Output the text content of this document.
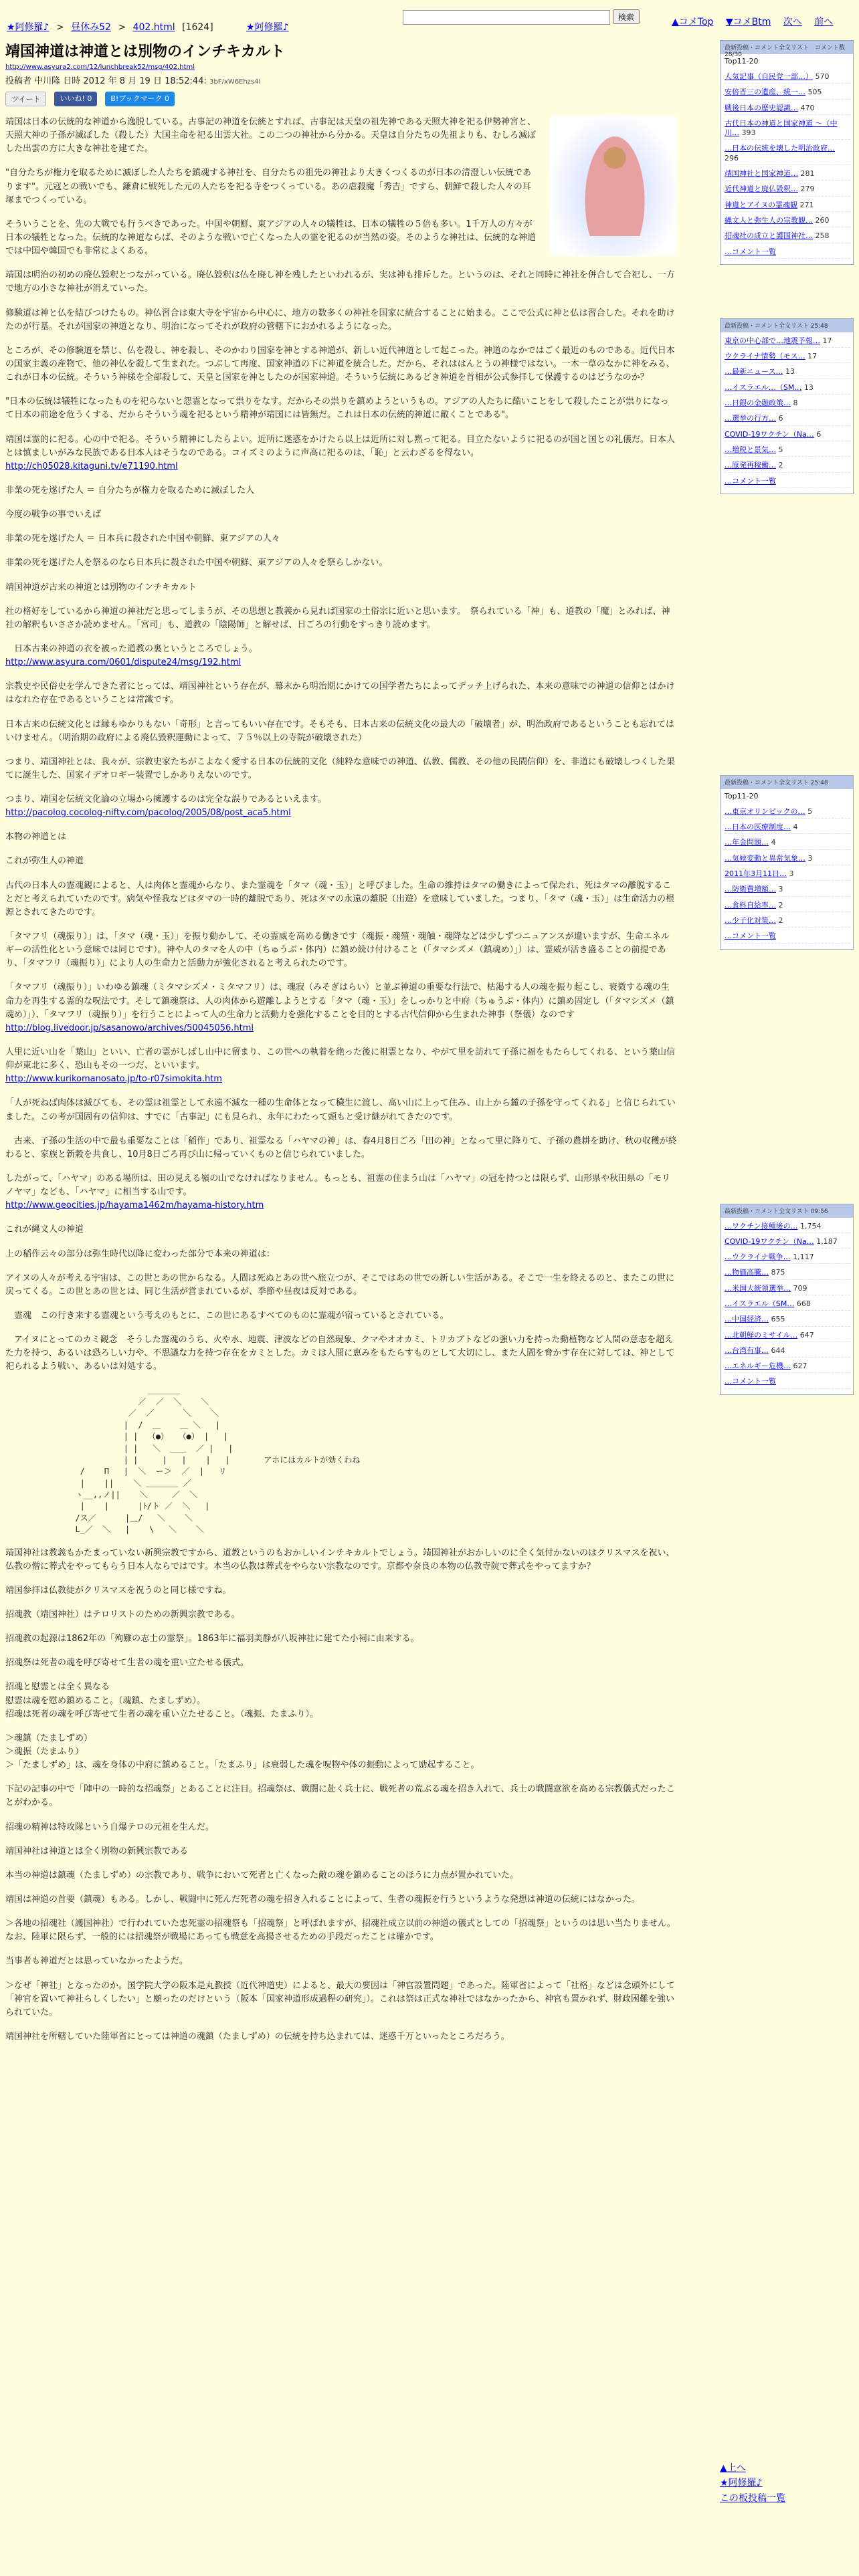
★阿修羅♪ > 昼休み52 > 402.html [1624]	★阿修羅♪
検索	▲コメTop ▼コメBtm 次へ 前へ
靖国神道は神道とは別物のインチキカルト
http://www.asyura2.com/12/lunchbreak52/msg/402.html
投稿者 中川隆 日時 2012 年 8 月 19 日 18:52:44: 3bF/xW6Ehzs4I
ツイート	いいね! 0	B!ブックマーク 0

靖国は日本の伝統的な神道から逸脱している。古事記の神道を伝統とすれば、古事記は天皇の祖先神である天照大神を祀る伊勢神宮と、天照大神の子孫が滅ぼした（殺した）大国主命を祀る出雲大社。この二つの神社から分かる。天皇は自分たちの先祖よりも、むしろ滅ぼした出雲の方に大きな神社を建てた。

"自分たちが権力を取るために滅ぼした人たちを鎮魂する神社を、自分たちの祖先の神社より大きくつくるのが日本の清澄しい伝統であります"。元寇との戦いでも、鎌倉に戦死した元の人たちを祀る寺をつくっている。あの虐殺魔「秀吉」ですら、朝鮮で殺した人々の耳塚までつくっている。

そういうことを、先の大戦でも行うべきであった。中国や朝鮮、東アジアの人々の犠牲は、日本の犠牲の５倍も多い。1千万人の方々が日本の犠牲となった。伝統的な神道ならば、そのような戦いで亡くなった人の霊を祀るのが当然の姿。そのような神社は、伝統的な神道では中国や韓国でも非常によくある。

靖国は明治の初めの廃仏毀釈とつながっている。廃仏毀釈は仏を廃し神を残したといわれるが、実は神も排斥した。というのは、それと同時に神社を併合して合祀し、一方で地方の小さな神社が消えていった。

修験道は神と仏を結びつけたもの。神仏習合は東大寺を宇宙から中心に、地方の数多くの神社を国家に統合することに始まる。ここで公式に神と仏は習合した。それを助けたのが行基。それが国家の神道となり、明治になってそれが政府の管轄下におかれるようになった。

ところが、その修験道を禁じ、仏を殺し、神を殺し、そのかわり国家を神とする神道が、新しい近代神道として起こった。神道のなかではごく最近のものである。近代日本の国家主義の産物で、他の神仏を殺して生まれた。つぶして再度、国家神道の下に神道を統合した。だから、それははんとうの神様ではない。一木一草のなかに神をみる、これが日本の伝統。そういう神様を全部殺して、天皇と国家を神としたのが国家神道。そういう伝統にあるどき神道を首相が公式参拝して保護するのはどうなのか？

"日本の伝統は犠牲になったものを祀らないと怨霊となって祟りをなす。だからその祟りを鎮めようというもの。アジアの人たちに酷いことをして殺したことが祟りになって日本の前途を危うくする、だからそういう魂を祀るという精神が靖国には皆無だ。これは日本の伝統的神道に敵くことである"。

靖国は霊的に祀る。心の中で祀る。そういう精神にしたらよい。近所に迷惑をかけたら以上は近所に対し黙って祀る。目立たないように祀るのが国と国との礼儀だ。日本人とは慎ましいがみな民族である日本人はそうなのである。コイズミのように声高に祀るのは、「恥」と云わざるを得ない。

http://ch05028.kitaguni.tv/e71190.html

非業の死を遂げた人 ＝ 自分たちが権力を取るために滅ぼした人

今度の戦争の事でいえば

非業の死を遂げた人 ＝ 日本兵に殺された中国や朝鮮、東アジアの人々

非業の死を遂げた人を祭るのなら日本兵に殺された中国や朝鮮、東アジアの人々を祭らしかない。

靖国神道が古来の神道とは別物のインチキカルト

社の格好をしているから神道の神社だと思ってしまうが、その思想と教義から見れば国家の土俗宗に近いと思います。　祭られている「神」も、道教の「魔」とみれば、神社の解釈もいささか読めません。「宮司」も、道教の「陰陽師」と解せば、日ごろの行動をすっきり読めます。

　日本古来の神道の衣を被った道教の裏というところでしょう。

http://www.asyura.com/0601/dispute24/msg/192.html

宗教史や民俗史を学んできた者にとっては、靖国神社という存在が、幕末から明治期にかけての国学者たちによってデッチ上げられた、本来の意味での神道の信仰とはかけはなれた存在であるということは常識です。

日本古来の伝統文化とは縁もゆかりもない「奇形」と言ってもいい存在です。そもそも、日本古来の伝統文化の最大の「破壊者」が、明治政府であるということも忘れてはいけません。（明治期の政府による廃仏毀釈運動によって、７５％以上の寺院が破壊された）

つまり、靖国神社とは、我々が、宗教史家たちがこよなく愛する日本の伝統的文化（純粋な意味での神道、仏教、儒教、その他の民間信仰）を、非道にも破壊しつくした果てに誕生した、国家イデオロギー装置でしかありえないのです。

つまり、靖国を伝統文化論の立場から擁護するのは完全な誤りであるといえます。

http://pacolog.cocolog-nifty.com/pacolog/2005/08/post_aca5.html

本物の神道とは

これが弥生人の神道

古代の日本人の霊魂観によると、人は肉体と霊魂からなり、また霊魂を「タマ（魂・玉）」と呼びました。生命の維持はタマの働きによって保たれ、死はタマの離脱することだと考えられていたのです。病気や怪我などはタマの一時的離脱であり、死はタマの永遠の離脱（出遊）を意味していました。つまり、「タマ（魂・玉）」は生命活力の根源とされてきたのです。

「タマフリ（魂振り）」は、「タマ（魂・玉）」を振り動かして、その霊威を高める働きです（魂振・魂殖・魂触・魂降などは少しずつニュアンスが違いますが、生命エネルギーの活性化という意味では同じです）。神や人のタマを人の中（ちゅうぶ・体内）に鎮め続け付けること（「タマシズメ（鎮魂め）」）は、霊威が活き盛ることの前提であり、「タマフリ（魂振り）」により人の生命力と活動力が強化されると考えられたのです。

「タマフリ（魂振り）」いわゆる鎮魂（ミタマシズメ・ミタマフリ）は、魂寂（みそぎはらい）と並ぶ神道の重要な行法で、枯渇する人の魂を振り起こし、衰微する魂の生命力を再生する霊的な呪法です。そして鎮魂祭は、人の肉体から遊離しようとする「タマ（魂・玉）」をしっかりと中府（ちゅうぶ・体内）に鎮め固定し（「タマシズメ（鎮魂め）」）、「タマフリ（魂振り）」を行うことによって人の生命力と活動力を強化することを目的とする古代信仰から生まれた神事（祭儀）なのです

http://blog.livedoor.jp/sasanowo/archives/50045056.html

人里に近い山を「葉山」といい、亡者の霊がしばし山中に留まり、この世への執着を絶った後に祖霊となり、やがて里を訪れて子孫に福をもたらしてくれる、という葉山信仰が東北に多く、恐山もその一つだ、といいます。

http://www.kurikomanosato.jp/to-r07simokita.htm

「人が死ねば肉体は滅びても、その霊は祖霊として永遠不滅な一種の生命体となって穢生に渡し、高い山に上って住み、山上から麓の子孫を守ってくれる」と信じられていました。この考が国固有の信仰は、すでに「古事記」にも見られ、永年にわたって頭もと受け継がれてきたのです。

　古来、子孫の生活の中で最も重要なことは「稲作」であり、祖霊なる「ハヤマの神」は、春4月8日ごろ「田の神」となって里に降りて、子孫の農耕を助け、秋の収穫が終わると、家族と新穀を共食し、10月8日ごろ再び山に帰っていくものと信じられていました。

したがって、「ハヤマ」のある場所は、田の見える嶺の山でなければなりません。もっとも、祖霊の住まう山は「ハヤマ」の冠を持つとは限らず、山形県や秋田県の「モリノヤマ」なども、「ハヤマ」に相当する山です。

http://www.geocities.jp/hayama1462m/hayama-history.htm

これが縄文人の神道

上の稲作云々の部分は弥生時代以降に変わった部分で本来の神道は：

アイヌの人々が考える宇宙は、この世とあの世からなる。人間は死ぬとあの世へ旅立つが、そこではあの世での新しい生活がある。そこで一生を終えるのと、またこの世に戻ってくる。この世とあの世とは、同じ生活が営まれているが、季節や昼夜は反対である。

　霊魂　この行き来する霊魂という考えのもとに、この世にあるすべてのものに霊魂が宿っているとされている。

　アイヌにとってのカミ観念　そうした霊魂のうち、火や水、地震、津波などの自然現象、クマやオオカミ、トリカブトなどの強い力を持った動植物など人間の意志を超えた力を持つ、あるいは恐ろしい力や、不思議な力を持つ存在をカミとした。カミは人間に恵みをもたらすものとして大切にし、また人間を脅かす存在に対しては、神として祀られるよう戦い、あるいは対処する。

＿＿＿＿
／  ／  ＼    ＼
／  ／      ＼    ＼
|  /  ＿    ＿ ＼   |
| |  （●）  （●） |   |
| |   ＼  ＿＿  ／ |   |
| |     |   |    |   |	アホにはカルトが効くわね
/    П   |  ＼  ー＞  ／  |   リ
|    ||    ＼ ＿＿＿＿ ／
ヽ__,,ノ||    ＼     ／  ＼
|    |      |ﾄ/ト ／  ＼   |
/ス／      |＿/   ＼    ＼
L_／  ＼   |    \   ＼    ＼

靖国神社は教義もかたまっていない新興宗教ですから、道教というのもおかしいインチキカルトでしょう。靖国神社がおかしいのに全く気付かないのはクリスマスを祝い、仏教の僧に葬式をやってもらう日本人ならではです。本当の仏教は葬式をやらない宗教なのです。京都や奈良の本物の仏教寺院で葬式をやってますか？

靖国参拝は仏教徒がクリスマスを祝うのと同じ様ですね。

招魂教（靖国神社）はテロリストのための新興宗教である。

招魂教の起源は1862年の「殉難の志士の霊祭」。1863年に福羽美静が八坂神社に建てた小祠に由来する。

招魂祭は死者の魂を呼び寄せて生者の魂を重い立たせる儀式。

招魂と慰霊とは全く異なる

慰霊は魂を慰め鎮めること。（魂鎮、たましずめ）。

招魂は死者の魂を呼び寄せて生者の魂を重い立たせること。（魂振、たまふり）。

＞魂鎮（たましずめ）
＞魂振（たまふり）
＞「たましずめ」は、魂を身体の中府に鎮めること。「たまふり」は衰弱した魂を呪物や体の振動によって励起すること。

下記の記事の中で「陣中の一時的な招魂祭」とあることに注目。招魂祭は、戦闘に赴く兵士に、戦死者の荒ぶる魂を招き入れて、兵士の戦闘意欲を高める宗教儀式だったことがわかる。

招魂の精神は特攻隊という自爆テロの元祖を生んだ。

靖国神社は神道とは全く別物の新興宗教である

本当の神道は鎮魂（たましずめ）の宗教であり、戦争において死者と亡くなった敵の魂を鎮めることのほうに力点が置かれていた。

靖国は神道の首要（鎮魂）もある。しかし、戦闘中に死んだ死者の魂を招き入れることによって、生者の魂振を行うというような発想は神道の伝統にはなかった。

＞各地の招魂社（護国神社）で行われていた忠死霊の招魂祭も「招魂祭」と呼ばれますが、招魂社成立以前の神道の儀式としての「招魂祭」というのは思い当たりません。なお、陸軍に限らず、一般的には招魂祭が戦場にあっても戦意を高揚させるための手段だったことは確かです。

当事者も神道だとは思っていなかったようだ。

＞なぜ「神社」となったのか。国学院大学の阪本是丸教授（近代神道史）によると、最大の要因は「神官設置問題」であった。陸軍省によって「社格」などは念頭外にして「神官を置いて神社らしくしたい」と願ったのだけという（阪本「国家神道形成過程の研究」）。これは祭は正式な神社ではなかったから、神官も置かれず、財政困難を強いられていた。

靖国神社を所轄していた陸軍省にとっては神道の魂鎮（たましずめ）の伝統を持ち込まれては、迷惑千万といったところだろう。

最新投稿・コメント全文リスト　コメント数 28/30
Top11-20
人気記事（自民党一部…） 570
安倍晋三の遺産、統一… 505
戦後日本の歴史認識… 470
古代日本の神道と国家神道 〜（中川… 393
…日本の伝統を壊した明治政府… 296
靖国神社と国家神道… 281
近代神道と廃仏毀釈… 279
神道とアイヌの霊魂観 271
縄文人と弥生人の宗教観… 260
招魂社の成立と護国神社… 258
…コメント一覧
最新投稿・コメント全文リスト 25:48
東京の中心部で…地震予報… 17
ウクライナ情勢（モス… 17
…最新ニュース… 13
…イスラエル…（SM… 13
…日銀の金融政策… 8
…選挙の行方… 6
COVID-19ワクチン（Na… 6
…増税と景気… 5
…原発再稼働… 2
…コメント一覧
最新投稿・コメント全文リスト 25:48
Top11-20
…東京オリンピックの… 5
…日本の医療制度… 4
…年金問題… 4
…気候変動と異常気象… 3
2011年3月11日… 3
…防衛費増額… 3
…食料自給率… 2
…少子化対策… 2
…コメント一覧
最新投稿・コメント全文リスト 09:56
…ワクチン接種後の… 1,754
COVID-19ワクチン（Na… 1,187
…ウクライナ戦争… 1,117
…物価高騰… 875
…米国大統領選挙… 709
…イスラエル（SM… 668
…中国経済… 655
…北朝鮮のミサイル… 647
…台湾有事… 644
…エネルギー危機… 627
…コメント一覧
▲上へ
★阿修羅♪
この板投稿一覧
